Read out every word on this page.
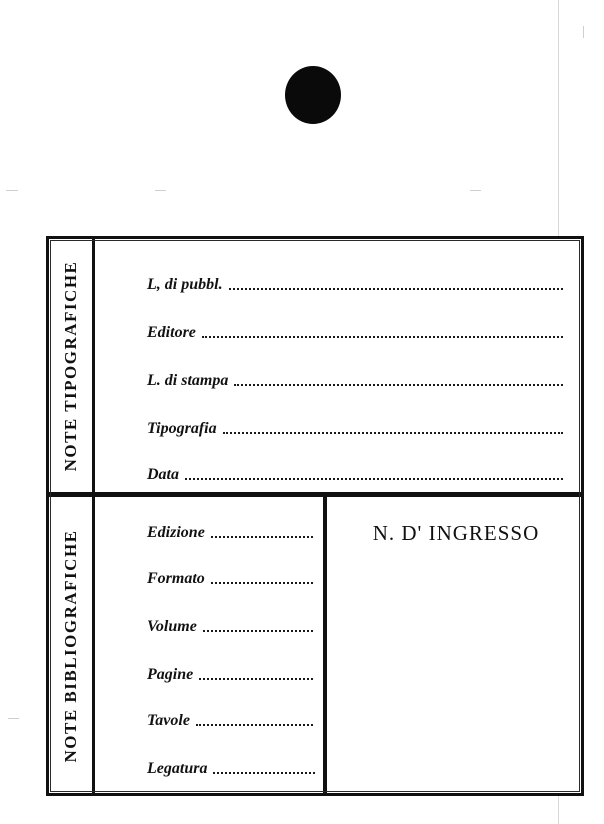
NOTE TIPOGRAFICHE	L, di pubbl.
Editore
L. di stampa
Tipografia
Data
NOTE BIBLIOGRAFICHE	Edizione
Formato
Volume
Pagine
Tavole
Legatura
N. D' INGRESSO
